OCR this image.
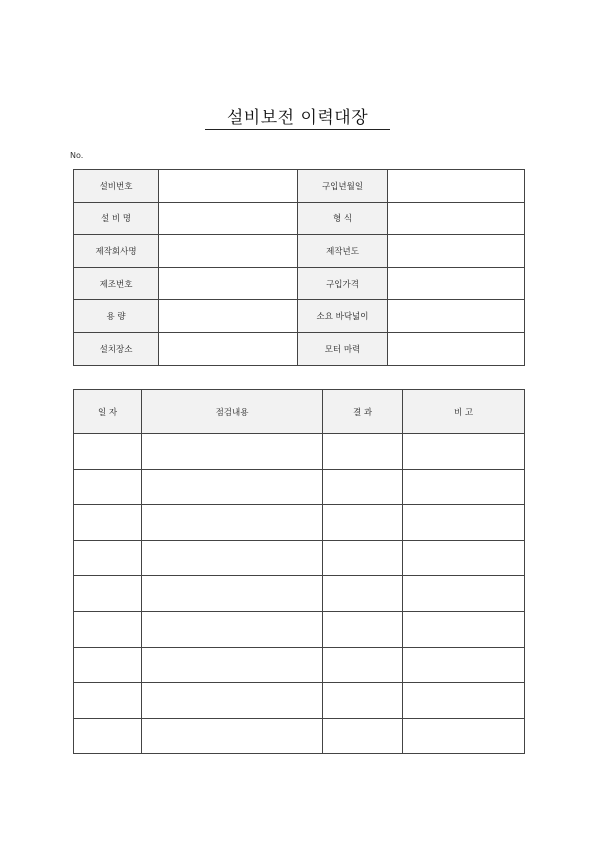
설비보전 이력대장
No.
설비번호		구입년월일	
설 비 명		형 식	
제작회사명		제작년도	
제조번호		구입가격	
용 량		소요 바닥넓이	
설치장소		모터 마력	
일 자	점검내용	결 과	비 고
